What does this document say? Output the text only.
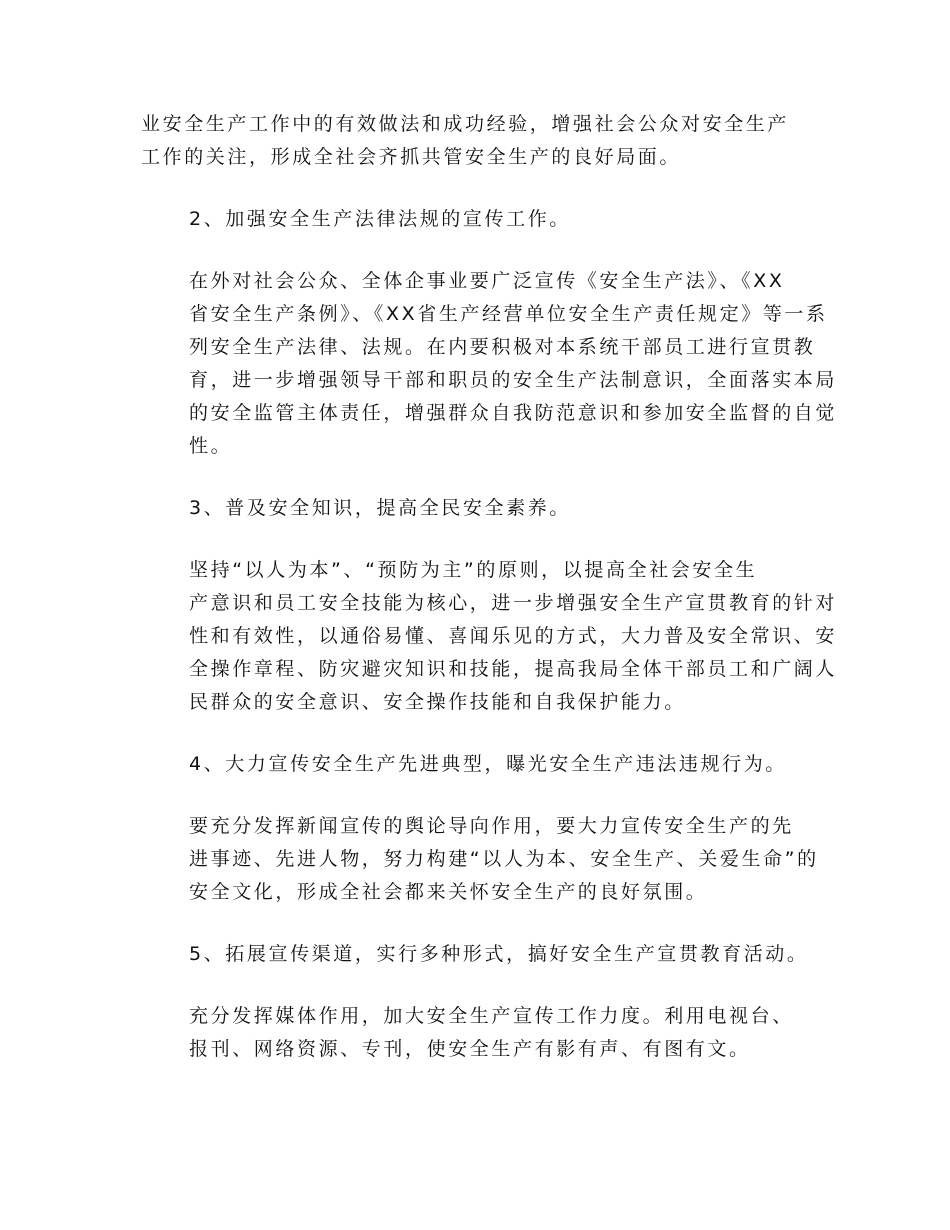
业安全生产工作中的有效做法和成功经验，增强社会公众对安全生产
工作的关注，形成全社会齐抓共管安全生产的良好局面。

2、加强安全生产法律法规的宣传工作。

在外对社会公众、全体企事业要广泛宣传《安全生产法》、《XX
省安全生产条例》、《XX省生产经营单位安全生产责任规定》等一系
列安全生产法律、法规。在内要积极对本系统干部员工进行宣贯教
育，进一步增强领导干部和职员的安全生产法制意识，全面落实本局
的安全监管主体责任，增强群众自我防范意识和参加安全监督的自觉
性。

3、普及安全知识，提高全民安全素养。

坚持“以人为本”、“预防为主”的原则，以提高全社会安全生
产意识和员工安全技能为核心，进一步增强安全生产宣贯教育的针对
性和有效性，以通俗易懂、喜闻乐见的方式，大力普及安全常识、安
全操作章程、防灾避灾知识和技能，提高我局全体干部员工和广阔人
民群众的安全意识、安全操作技能和自我保护能力。

4、大力宣传安全生产先进典型，曝光安全生产违法违规行为。

要充分发挥新闻宣传的舆论导向作用，要大力宣传安全生产的先
进事迹、先进人物，努力构建“以人为本、安全生产、关爱生命”的
安全文化，形成全社会都来关怀安全生产的良好氛围。

5、拓展宣传渠道，实行多种形式，搞好安全生产宣贯教育活动。

充分发挥媒体作用，加大安全生产宣传工作力度。利用电视台、
报刊、网络资源、专刊，使安全生产有影有声、有图有文。
